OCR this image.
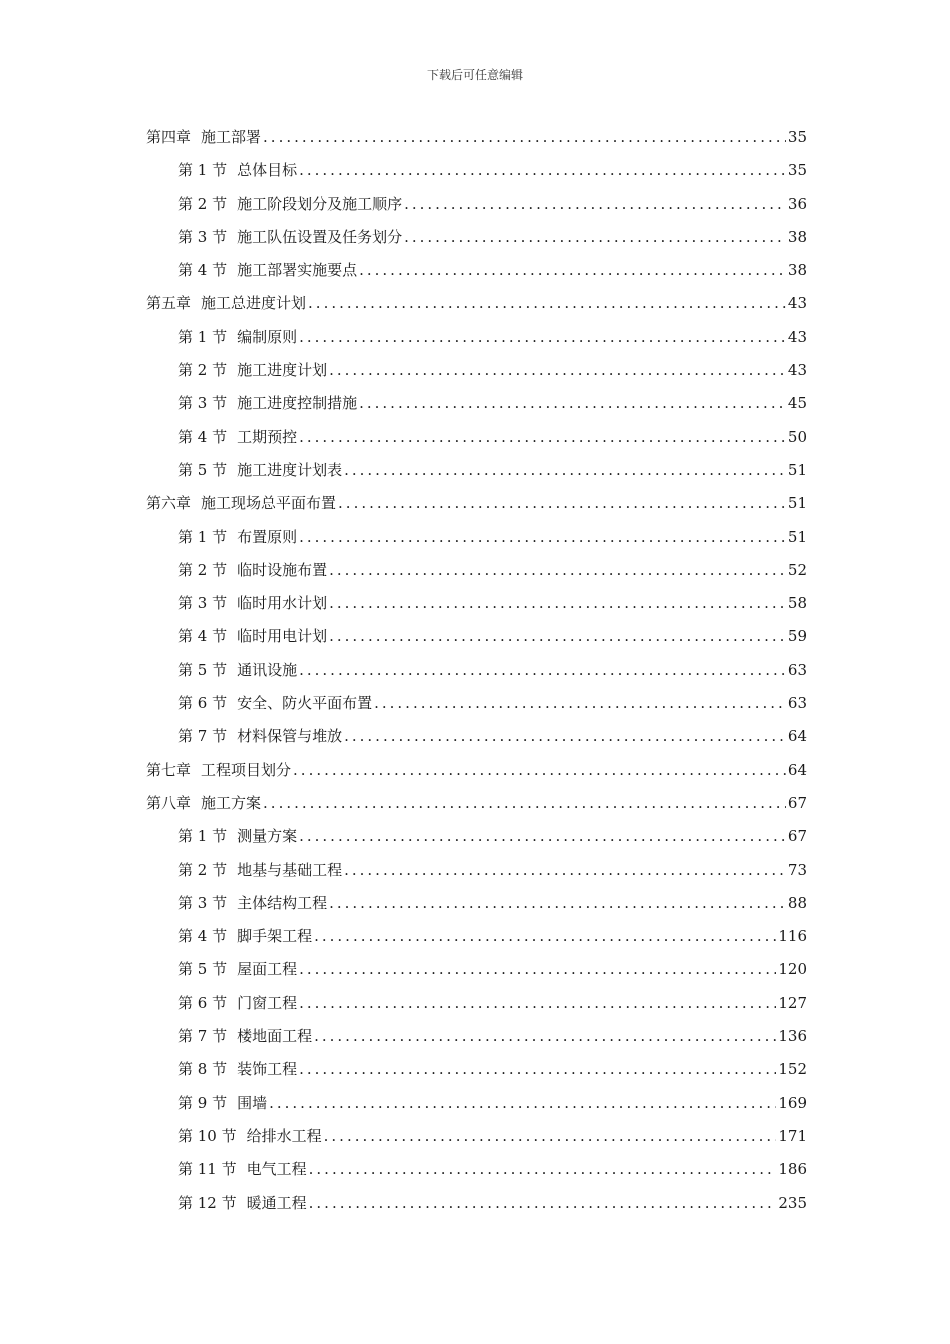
下载后可任意编辑
第四章 施工部署 .....	35
第 1 节 总体目标 .....	35
第 2 节 施工阶段划分及施工顺序 .....	36
第 3 节 施工队伍设置及任务划分 .....	38
第 4 节 施工部署实施要点 .....	38
第五章 施工总进度计划 .....	43
第 1 节 编制原则 .....	43
第 2 节 施工进度计划 .....	43
第 3 节 施工进度控制措施 .....	45
第 4 节 工期预控 .....	50
第 5 节 施工进度计划表 .....	51
第六章 施工现场总平面布置 .....	51
第 1 节 布置原则 .....	51
第 2 节 临时设施布置 .....	52
第 3 节 临时用水计划 .....	58
第 4 节 临时用电计划 .....	59
第 5 节 通讯设施 .....	63
第 6 节 安全、防火平面布置 .....	63
第 7 节 材料保管与堆放 .....	64
第七章 工程项目划分 .....	64
第八章 施工方案 .....	67
第 1 节 测量方案 .....	67
第 2 节 地基与基础工程 .....	73
第 3 节 主体结构工程 .....	88
第 4 节 脚手架工程 .....	116
第 5 节 屋面工程 .....	120
第 6 节 门窗工程 .....	127
第 7 节 楼地面工程 .....	136
第 8 节 装饰工程 .....	152
第 9 节 围墙 .....	169
第 10 节 给排水工程 .....	171
第 11 节 电气工程 .....	186
第 12 节 暖通工程 .....	235
